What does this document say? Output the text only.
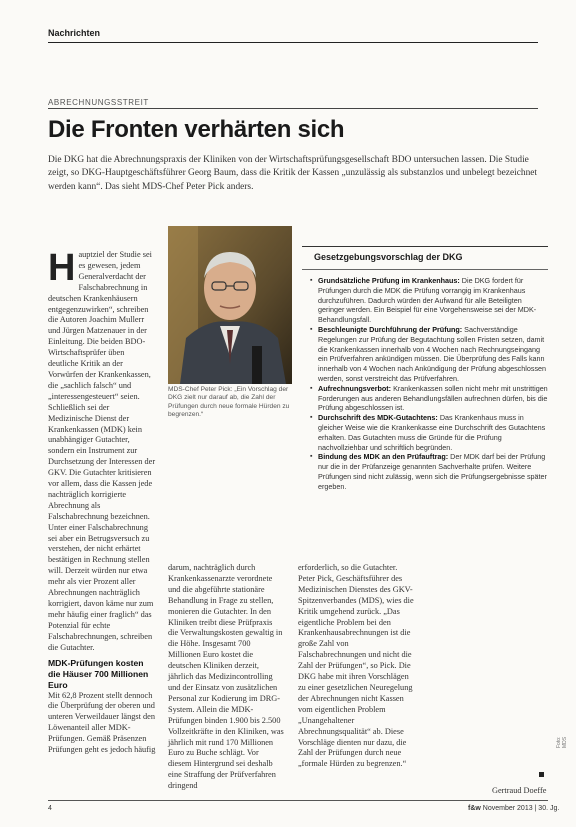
Nachrichten
ABRECHNUNGSSTREIT
Die Fronten verhärten sich
Die DKG hat die Abrechnungspraxis der Kliniken von der Wirtschaftsprüfungsgesellschaft BDO untersuchen lassen. Die Studie zeigt, so DKG-Hauptgeschäftsführer Georg Baum, dass die Kritik der Kassen „unzulässig als substanzlos und unbelegt bezeichnet werden kann“. Das sieht MDS-Chef Peter Pick anders.

Hauptziel der Studie sei es gewesen, jedem Generalverdacht der Falschabrechnung in deutschen Krankenhäusern entgegenzuwirken“, schreiben die Autoren Joachim Mullerr und Jürgen Matzenauer in der Einleitung. Die beiden BDO-Wirtschaftsprüfer üben deutliche Kritik an der Vorwürfen der Krankenkassen, die „sachlich falsch“ und „interessengesteuert“ seien. Schließlich sei der Medizinische Dienst der Krankenkassen (MDK) kein unabhängiger Gutachter, sondern ein Instrument zur Durchsetzung der Interessen der GKV. Die Gutachter kritisieren vor allem, dass die Kassen jede nachträglich korrigierte Abrechnung als Falschabrechnung bezeichnen. Unter einer Falschabrechnung sei aber ein Betrugsversuch zu verstehen, der nicht erhärtet bestätigen in Rechnung stellen will. Derzeit würden nur etwa mehr als vier Prozent aller Abrechnungen nachträglich korrigiert, davon käme nur zum mehr häufig einer fraglich“ das Potenzial für echte Falschabrechnungen, schreiben die Gutachter.

MDK-Prüfungen kosten die Häuser 700 Millionen Euro

Mit 62,8 Prozent stellt dennoch die Überprüfung der oberen und unteren Verweildauer längst den Löwenanteil aller MDK-Prüfungen. Gemäß Präsenzen Prüfungen geht es jedoch häufig

MDS-Chef Peter Pick: „Ein Vorschlag der DKG zielt nur darauf ab, die Zahl der Prüfungen durch neue formale Hürden zu begrenzen.“
Gesetzgebungsvorschlag der DKG
▪ Grundsätzliche Prüfung im Krankenhaus: Die DKG fordert für Prüfungen durch die MDK die Prüfung vorrangig im Krankenhaus durchzuführen. Dadurch würden der Aufwand für alle Beteiligten geringer werden. Ein Beispiel für eine Vorgehensweise sei der MDK-Behandlungsfall.
▪ Beschleunigte Durchführung der Prüfung: Sachverständige Regelungen zur Prüfung der Begutachtung sollen Fristen setzen, damit die Krankenkassen innerhalb von 4 Wochen nach Rechnungseingang ein Prüfverfahren ankündigen müssen. Die Überprüfung des Falls kann innerhalb von 4 Wochen nach Ankündigung der Prüfung abgeschlossen werden, sonst verstreicht das Prüfverfahren.
▪ Aufrechnungsverbot: Krankenkassen sollen nicht mehr mit unstrittigen Forderungen aus anderen Behandlungsfällen aufrechnen dürfen, bis die Prüfung abgeschlossen ist.
▪ Durchschrift des MDK-Gutachtens: Das Krankenhaus muss in gleicher Weise wie die Krankenkasse eine Durchschrift des Gutachtens erhalten. Das Gutachten muss die Gründe für die Prüfung nachvollziehbar und schriftlich begründen.
▪ Bindung des MDK an den Prüfauftrag: Der MDK darf bei der Prüfung nur die in der Prüfanzeige genannten Sachverhalte prüfen. Weitere Prüfungen sind nicht zulässig, wenn sich die Prüfungsergebnisse später ergeben.
darum, nachträglich durch Krankenkassenarzte verordnete und die abgeführte stationäre Behandlung in Frage zu stellen, monieren die Gutachter. In den Kliniken treibt diese Prüfpraxis die Verwaltungskosten gewaltig in die Höhe. Insgesamt 700 Millionen Euro kostet die deutschen Kliniken derzeit, jährlich das Medizincontrolling und der Einsatz von zusätzlichen Personal zur Kodierung im DRG-System. Allein die MDK-Prüfungen binden 1.900 bis 2.500 Vollzeitkräfte in den Kliniken, was jährlich mit rund 170 Millionen Euro zu Buche schlägt. Vor diesem Hintergrund sei deshalb eine Straffung der Prüfverfahren dringend
erforderlich, so die Gutachter. Peter Pick, Geschäftsführer des Medizinischen Dienstes des GKV-Spitzenverbandes (MDS), wies die Kritik umgehend zurück. „Das eigentliche Problem bei den Krankenhausabrechnungen ist die große Zahl von Falschabrechnungen und nicht die Zahl der Prüfungen“, so Pick. Die DKG habe mit ihren Vorschlägen zu einer gesetzlichen Neuregelung der Abrechnungen nicht Kassen vom eigentlichen Problem „Unangehaltener Abrechnungsqualität“ ab. Diese Vorschläge dienten nur dazu, die Zahl der Prüfungen durch neue „formale Hürden zu begrenzen.“
Gertraud Doeffe
Foto: MDS
4	f&w November 2013 | 30. Jg.
